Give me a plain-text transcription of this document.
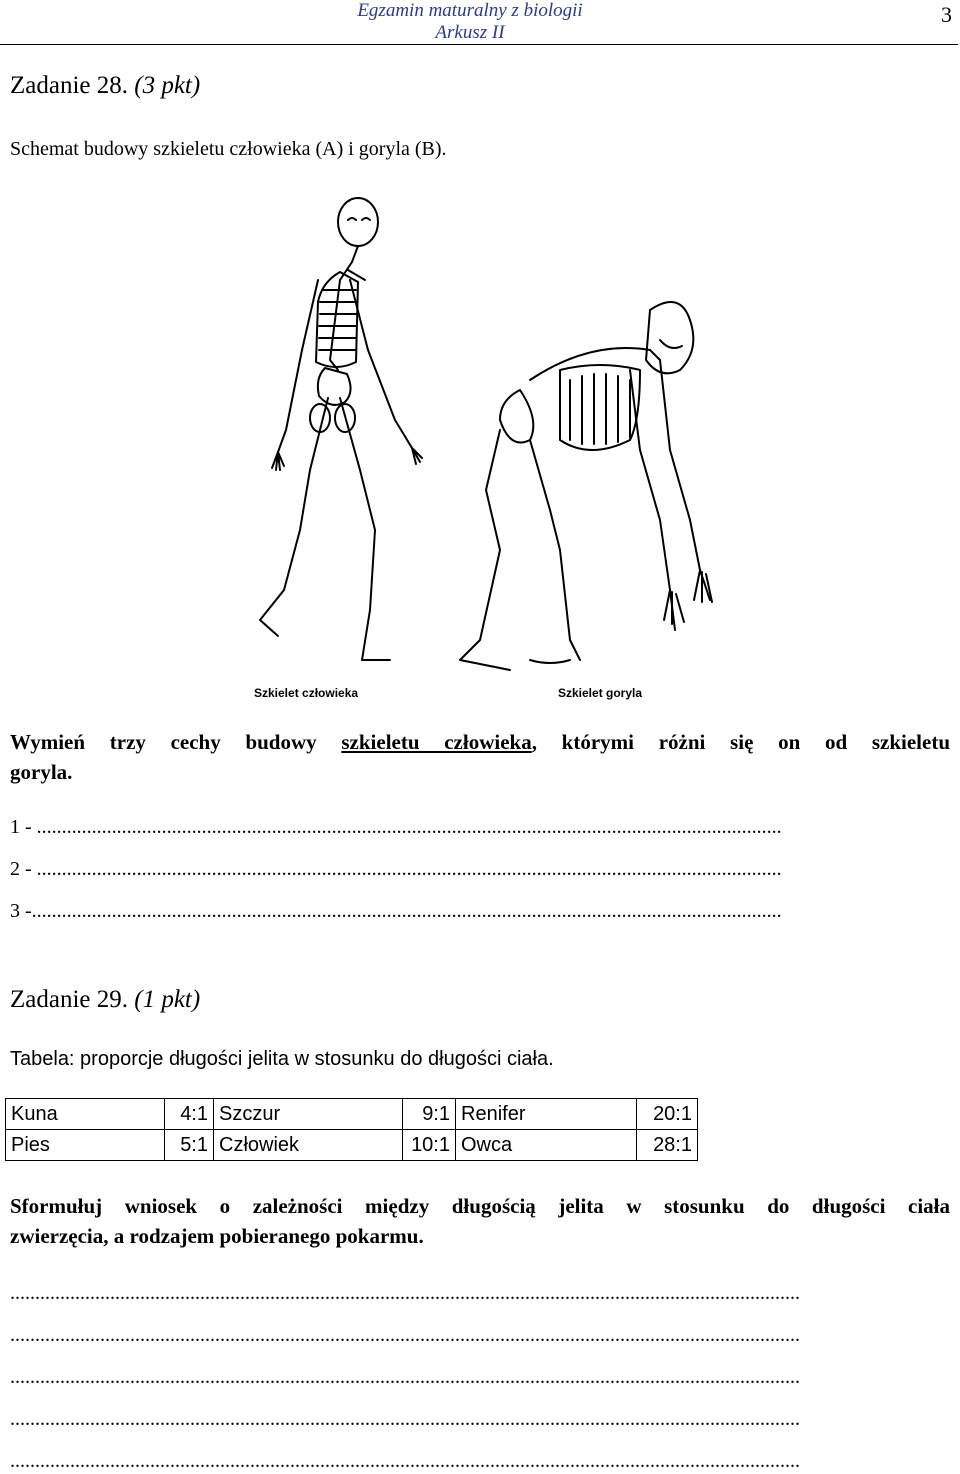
Egzamin maturalny z biologii
Arkusz II
3
Zadanie 28. (3 pkt)
Schemat budowy szkieletu człowieka (A) i goryla (B).
Szkielet człowieka	Szkielet goryla
Wymień trzy cechy budowy szkieletu człowieka, którymi różni się on od szkieletu
goryla.
1 - .....................................................................................................................................................
2 - .....................................................................................................................................................
3 -......................................................................................................................................................
Zadanie 29. (1 pkt)
Tabela: proporcje długości jelita w stosunku do długości ciała.
Kuna	4:1	Szczur	9:1	Renifer	20:1
Pies	5:1	Człowiek	10:1	Owca	28:1
Sformułuj wniosek o zależności między długością jelita w stosunku do długości ciała
zwierzęcia, a rodzajem pobieranego pokarmu.
..............................................................................................................................................................
..............................................................................................................................................................
..............................................................................................................................................................
..............................................................................................................................................................
..............................................................................................................................................................
